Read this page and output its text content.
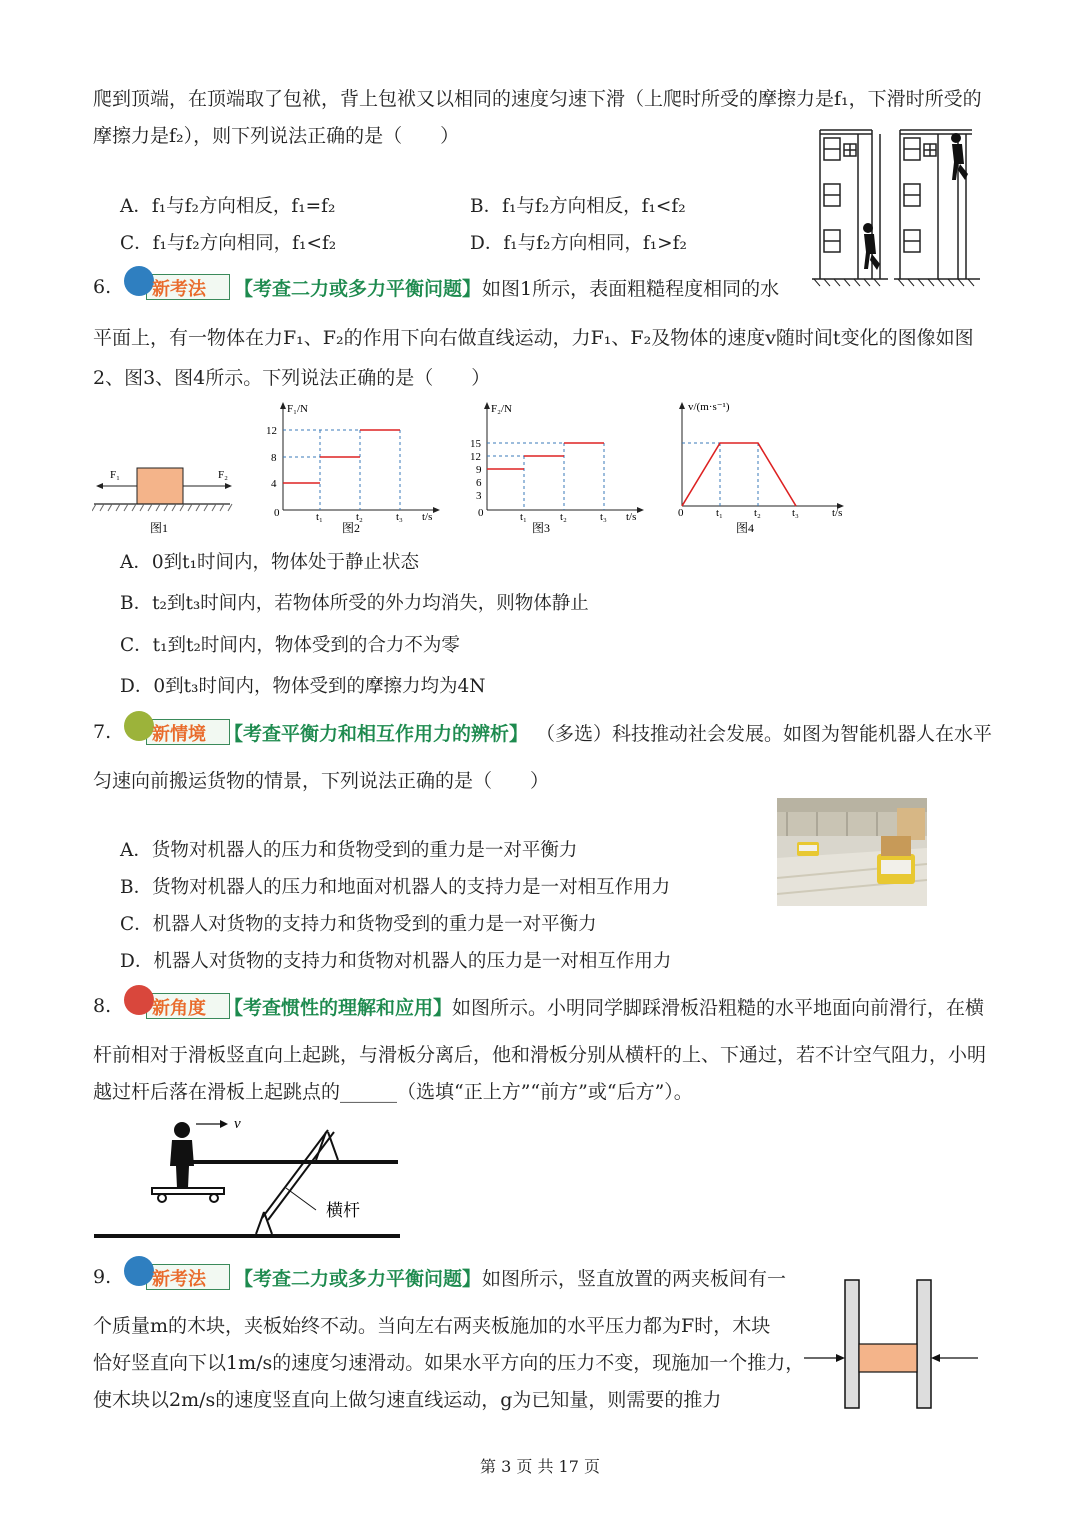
爬到顶端，在顶端取了包袱，背上包袱又以相同的速度匀速下滑（上爬时所受的摩擦力是f₁，下滑时所受的
摩擦力是f₂），则下列说法正确的是（　　）
A．f₁与f₂方向相反，f₁=f₂	B．f₁与f₂方向相反，f₁<f₂
C．f₁与f₂方向相同，f₁<f₂	D．f₁与f₂方向相同，f₁>f₂
6. 新考法 【考查二力或多力平衡问题】 如图1所示，表面粗糙程度相同的水
平面上，有一物体在力F₁、F₂的作用下向右做直线运动，力F₁、F₂及物体的速度v随时间t变化的图像如图
2、图3、图4所示。下列说法正确的是（　　）
F₁	F₂
图1
F₁/N
12
8
4
0	t₁	t₂	t₃ t/s
图2
F₂/N
15
12
9
6
3
0	t₁	t₂	t₃ t/s
图3
v/(m·s⁻¹)
0	t₁	t₂	t₃	t/s
图4
A．0到t₁时间内，物体处于静止状态
B．t₂到t₃时间内，若物体所受的外力均消失，则物体静止
C．t₁到t₂时间内，物体受到的合力不为零
D．0到t₃时间内，物体受到的摩擦力均为4N
7. 新情境 【考查平衡力和相互作用力的辨析】 （多选）科技推动社会发展。如图为智能机器人在水平
匀速向前搬运货物的情景，下列说法正确的是（　　）
A．货物对机器人的压力和货物受到的重力是一对平衡力
B．货物对机器人的压力和地面对机器人的支持力是一对相互作用力
C．机器人对货物的支持力和货物受到的重力是一对平衡力
D．机器人对货物的支持力和货物对机器人的压力是一对相互作用力
8. 新角度 【考查惯性的理解和应用】 如图所示。小明同学脚踩滑板沿粗糙的水平地面向前滑行，在横
杆前相对于滑板竖直向上起跳，与滑板分离后，他和滑板分别从横杆的上、下通过，若不计空气阻力，小明
越过杆后落在滑板上起跳点的______（选填“正上方”“前方”或“后方”）。
横杆
v
9. 新考法 【考查二力或多力平衡问题】 如图所示，竖直放置的两夹板间有一
个质量m的木块，夹板始终不动。当向左右两夹板施加的水平压力都为F时，木块
恰好竖直向下以1m/s的速度匀速滑动。如果水平方向的压力不变，现施加一个推力，
使木块以2m/s的速度竖直向上做匀速直线运动，g为已知量，则需要的推力
第 3 页 共 17 页
